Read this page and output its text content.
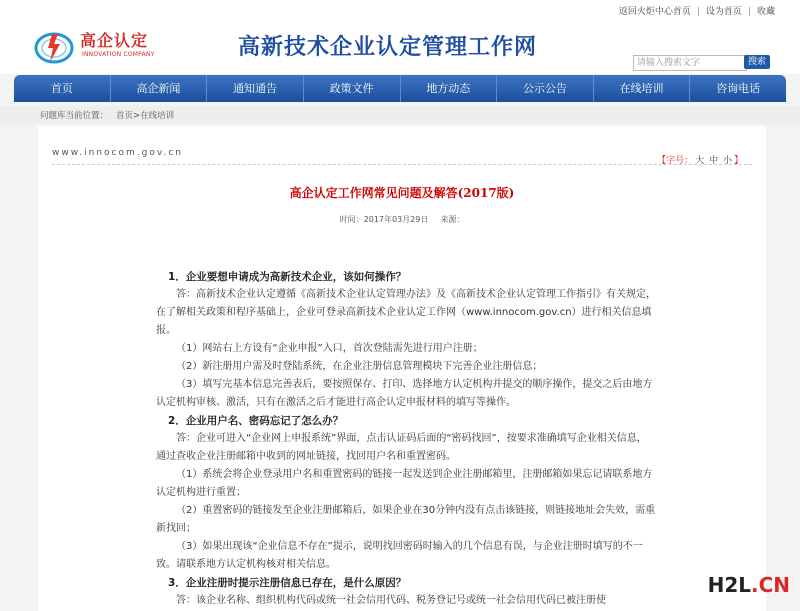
返回火炬中心首页 | 设为首页 | 收藏
高企认定
INNOVATION COMPANY	高新技术企业认定管理工作网
请输入搜索文字	搜索
首页	高企新闻	通知通告	政策文件	地方动态	公示公告	在线培训	咨询电话
问题库当前位置： 首页>在线培训
www.innocom.gov.cn
【字号： 大 中 小 】
高企认定工作网常见问题及解答(2017版)
时间：2017年03月29日 来源：

1．企业要想申请成为高新技术企业，该如何操作？

答：高新技术企业认定遵循《高新技术企业认定管理办法》及《高新技术企业认定管理工作指引》有关规定，在了解相关政策和程序基础上，企业可登录高新技术企业认定工作网（www.innocom.gov.cn）进行相关信息填报。

（1）网站右上方设有“企业申报”入口，首次登陆需先进行用户注册；

（2）新注册用户需及时登陆系统，在企业注册信息管理模块下完善企业注册信息；

（3）填写完基本信息完善表后，要按照保存、打印、选择地方认定机构并提交的顺序操作，提交之后由地方认定机构审核、激活，只有在激活之后才能进行高企认定申报材料的填写等操作。

2．企业用户名、密码忘记了怎么办？

答：企业可进入“企业网上申报系统”界面，点击认证码后面的“密码找回”，按要求准确填写企业相关信息，通过查收企业注册邮箱中收到的网址链接，找回用户名和重置密码。

（1）系统会将企业登录用户名和重置密码的链接一起发送到企业注册邮箱里，注册邮箱如果忘记请联系地方认定机构进行重置；

（2）重置密码的链接发至企业注册邮箱后，如果企业在30分钟内没有点击该链接，则链接地址会失效，需重新找回；

（3）如果出现该“企业信息不存在”提示，说明找回密码时输入的几个信息有误，与企业注册时填写的不一致。请联系地方认定机构核对相关信息。

3．企业注册时提示注册信息已存在，是什么原因？

答：该企业名称、组织机构代码或统一社会信用代码、税务登记号或统一社会信用代码已被注册使

H2L.CN
